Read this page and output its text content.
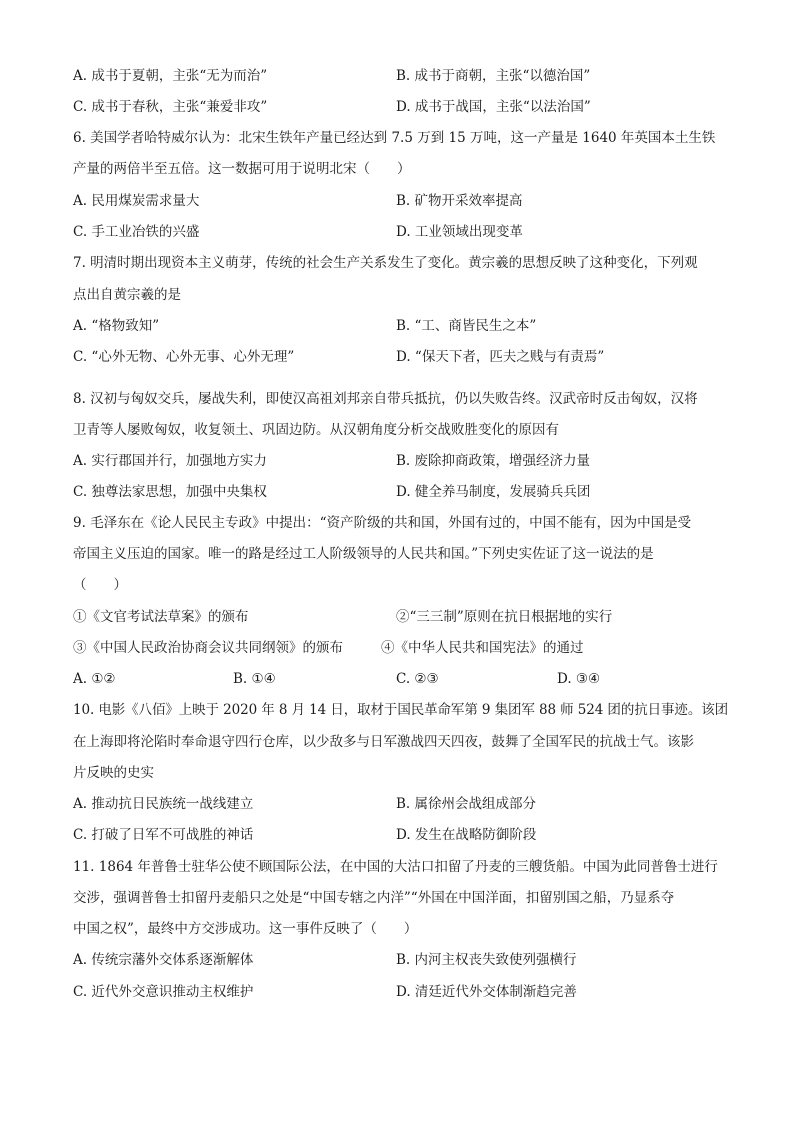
A. 成书于夏朝，主张“无为而治”	B. 成书于商朝，主张“以德治国”
C. 成书于春秋，主张“兼爱非攻”	D. 成书于战国，主张“以法治国”
6. 美国学者哈特威尔认为：北宋生铁年产量已经达到 7.5 万到 15 万吨，这一产量是 1640 年英国本土生铁
产量的两倍半至五倍。这一数据可用于说明北宋（　　）
A. 民用煤炭需求量大	B. 矿物开采效率提高
C. 手工业冶铁的兴盛	D. 工业领域出现变革
7. 明清时期出现资本主义萌芽，传统的社会生产关系发生了变化。黄宗羲的思想反映了这种变化，下列观
点出自黄宗羲的是
A. “格物致知”	B. “工、商皆民生之本”
C. “心外无物、心外无事、心外无理”	D. “保天下者，匹夫之贱与有责焉”
8. 汉初与匈奴交兵，屡战失利，即使汉高祖刘邦亲自带兵抵抗，仍以失败告终。汉武帝时反击匈奴，汉将
卫青等人屡败匈奴，收复领土、巩固边防。从汉朝角度分析交战败胜变化的原因有
A. 实行郡国并行，加强地方实力	B. 废除抑商政策，增强经济力量
C. 独尊法家思想，加强中央集权	D. 健全养马制度，发展骑兵兵团
9. 毛泽东在《论人民民主专政》中提出：“资产阶级的共和国，外国有过的，中国不能有，因为中国是受
帝国主义压迫的国家。唯一的路是经过工人阶级领导的人民共和国。”下列史实佐证了这一说法的是
（　　）
①《文官考试法草案》的颁布	②“三三制”原则在抗日根据地的实行
③《中国人民政治协商会议共同纲领》的颁布	④《中华人民共和国宪法》的通过
A. ①②	B. ①④	C. ②③	D. ③④
10. 电影《八佰》上映于 2020 年 8 月 14 日，取材于国民革命军第 9 集团军 88 师 524 团的抗日事迹。该团
在上海即将沦陷时奉命退守四行仓库，以少敌多与日军激战四天四夜，鼓舞了全国军民的抗战士气。该影
片反映的史实
A. 推动抗日民族统一战线建立	B. 属徐州会战组成部分
C. 打破了日军不可战胜的神话	D. 发生在战略防御阶段
11. 1864 年普鲁士驻华公使不顾国际公法，在中国的大沽口扣留了丹麦的三艘货船。中国为此同普鲁士进行
交涉，强调普鲁士扣留丹麦船只之处是“中国专辖之内洋”“外国在中国洋面，扣留别国之船，乃显系夺
中国之权”，最终中方交涉成功。这一事件反映了（　　）
A. 传统宗藩外交体系逐渐解体	B. 内河主权丧失致使列强横行
C. 近代外交意识推动主权维护	D. 清廷近代外交体制渐趋完善
